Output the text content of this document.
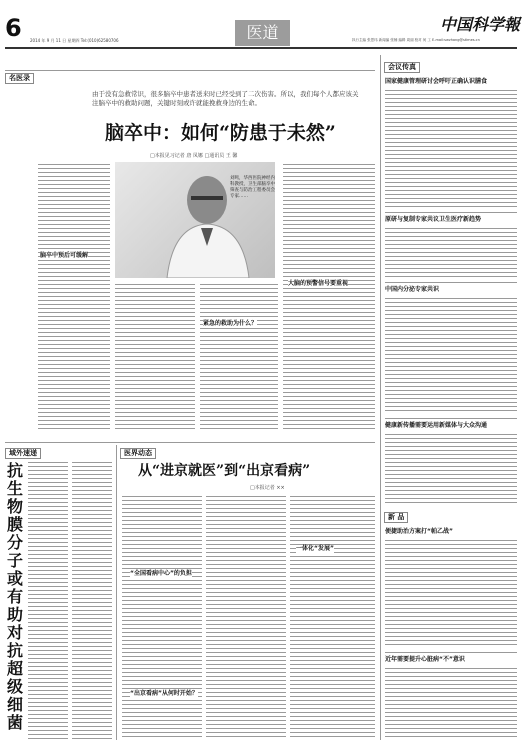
6 2014 年 9 月 11 日 星期四 Tel:(010)62580706	医道	中国科学報
执行主编 张思玮 新闻编 张楠 编辑 周丽 校对 何 工 E-mail:swzhang@stimes.cn
名医录
由于没有急救常识，很多脑卒中患者送来时已经受到了二次伤害。所以，我们每个人都应该关注脑卒中的救助问题，关键时刻或许就能挽救身边的生命。
脑卒中：如何“防患于未然”
□本报见习记者 唐 凤娜 □通讯员 王 馨
脑卒中预后可缓解
刘鸣，华西医院神经内科教授，卫生部脑卒中筛查与防治工程委员会专家……
大脑的预警信号要重视
紧急的救助为什么？
域外速递
抗生物膜分子或有助对抗超级细菌
医界动态
从“进京就医”到“出京看病”
□本报记者 ××
“全国看病中心”的负担
“出京看病”从何时开始？
一体化“发展”
会议传真
国家健康管理研讨会呼吁正确认识膳食
原研与复制专家共议卫生医疗新趋势
中国内分泌专家共识
健康新传播需要运用新媒体与大众沟通
新 品
便捷助治方案打“帕乙战”
近年需要提升心脏病“不”意识
